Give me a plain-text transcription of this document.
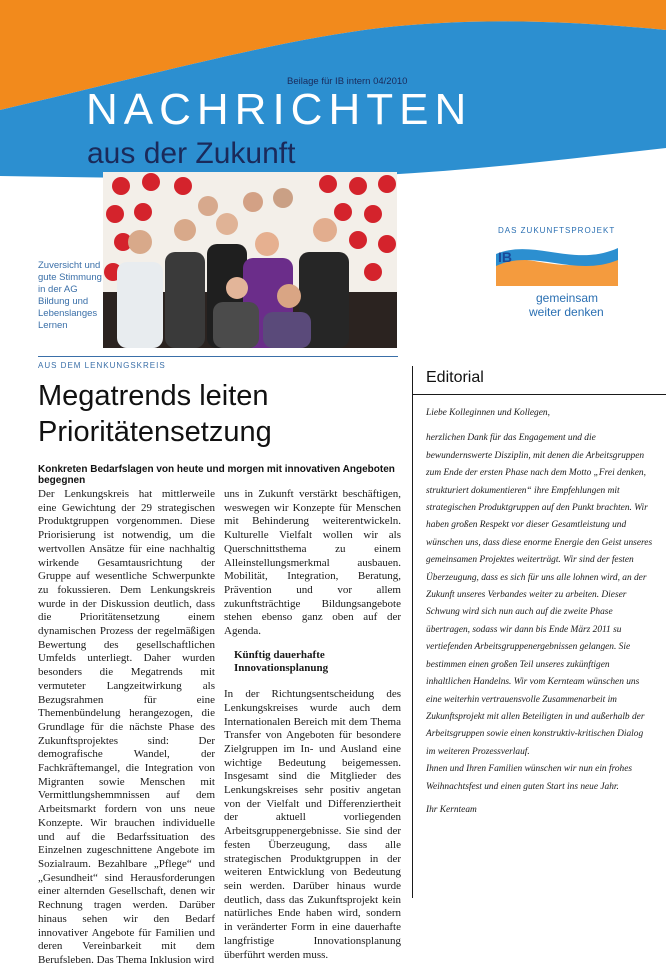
Beilage für IB intern 04/2010
NACHRICHTEN
aus der Zukunft
Zuversicht und gute Stimmung in der AG Bildung und Lebenslanges Lernen
DAS ZUKUNFTSPROJEKT
IB
gemeinsam
weiter denken
AUS DEM LENKUNGSKREIS
Megatrends leiten Prioritätensetzung
Konkreten Bedarfslagen von heute und morgen mit innovativen Angeboten begegnen
Der Lenkungskreis hat mittlerweile eine Gewichtung der 29 strategischen Produktgruppen vorgenommen. Diese Priorisierung ist notwendig, um die wertvollen Ansätze für eine nachhaltig wirkende Gesamtausrichtung der Gruppe auf wesentliche Schwerpunkte zu fokussieren. Dem Lenkungskreis wurde in der Diskussion deutlich, dass die Prioritätensetzung einem dynamischen Prozess der regelmäßigen Bewertung des gesellschaftlichen Umfelds unterliegt. Daher wurden besonders die Megatrends mit vermuteter Langzeitwirkung als Bezugsrahmen für eine Themenbündelung herangezogen, die Grundlage für die nächste Phase des Zukunftsprojektes sind: Der demografische Wandel, der Fachkräftemangel, die Integration von Migranten sowie Menschen mit Vermittlungshemmnissen auf dem Arbeitsmarkt fordern von uns neue Konzepte. Wir brauchen individuelle und auf die Bedarfssituation des Einzelnen zugeschnittene Angebote im Sozialraum. Bezahlbare „Pflege“ und „Gesundheit“ sind Herausforderungen einer alternden Gesellschaft, denen wir Rechnung tragen werden. Darüber hinaus sehen wir den Bedarf innovativer Angebote für Familien und deren Vereinbarkeit mit dem Berufsleben. Das Thema Inklusion wird
uns in Zukunft verstärkt beschäftigen, weswegen wir Konzepte für Menschen mit Behinderung weiterentwickeln. Kulturelle Vielfalt wollen wir als Querschnittsthema zu einem Alleinstellungsmerkmal ausbauen. Mobilität, Integration, Beratung, Prävention und vor allem zukunftsträchtige Bildungsangebote stehen ebenso ganz oben auf der Agenda.
Künftig dauerhafte Innovationsplanung
In der Richtungsentscheidung des Lenkungskreises wurde auch dem Internationalen Bereich mit dem Thema Transfer von Angeboten für besondere Zielgruppen im In- und Ausland eine wichtige Bedeutung beigemessen. Insgesamt sind die Mitglieder des Lenkungskreises sehr positiv angetan von der Vielfalt und Differenziertheit der aktuell vorliegenden Arbeitsgruppenergebnisse. Sie sind der festen Überzeugung, dass alle strategischen Produktgruppen in der weiteren Entwicklung von Bedeutung sein werden. Darüber hinaus wurde deutlich, dass das Zukunftsprojekt kein natürliches Ende haben wird, sondern in veränderter Form in eine dauerhafte langfristige Innovationsplanung überführt werden muss.
Editorial

Liebe Kolleginnen und Kollegen,

herzlichen Dank für das Engagement und die bewundernswerte Disziplin, mit denen die Arbeitsgruppen zum Ende der ersten Phase nach dem Motto „Frei denken, strukturiert dokumentieren“ ihre Empfehlungen mit strategischen Produktgruppen auf den Punkt brachten. Wir haben großen Respekt vor dieser Gesamtleistung und wünschen uns, dass diese enorme Energie den Geist unseres gemeinsamen Projektes weiterträgt. Wir sind der festen Überzeugung, dass es sich für uns alle lohnen wird, an der Zukunft unseres Verbandes weiter zu arbeiten. Dieser Schwung wird sich nun auch auf die zweite Phase übertragen, sodass wir dann bis Ende März 2011 su vertiefenden Arbeitsgruppenergebnissen gelangen. Sie bestimmen einen großen Teil unseres zukünftigen inhaltlichen Handelns. Wir vom Kernteam wünschen uns eine weiterhin vertrauensvolle Zusammenarbeit im Zukunftsprojekt mit allen Beteiligten in und außerhalb der Arbeitsgruppen sowie einen konstruktiv-kritischen Dialog im weiteren Prozessverlauf.

Ihnen und Ihren Familien wünschen wir nun ein frohes Weihnachtsfest und einen guten Start ins neue Jahr.

Ihr Kernteam
